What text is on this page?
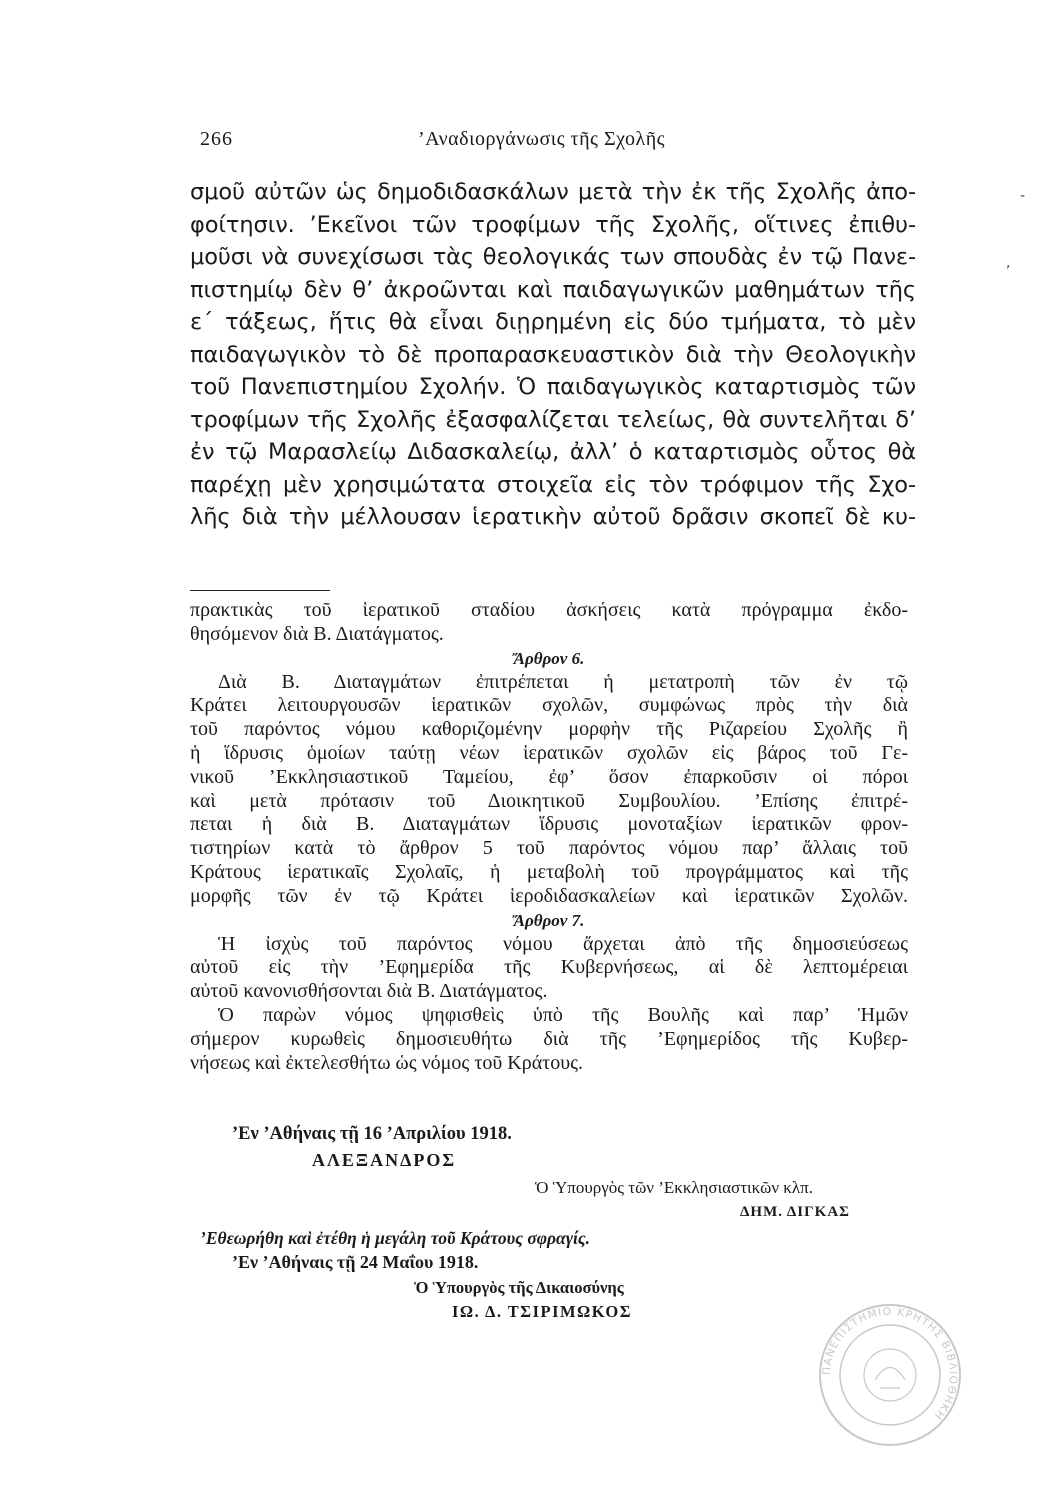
266	’Αναδιοργάνωσις τῆς Σχολῆς
σμοῦ αὐτῶν ὡς δημοδιδασκάλων μετὰ τὴν ἐκ τῆς Σχολῆς ἀπο-
φοίτησιν. ’Εκεῖνοι τῶν τροφίμων τῆς Σχολῆς, οἵτινες ἐπιθυ-
μοῦσι νὰ συνεχίσωσι τὰς θεολογικάς των σπουδὰς ἐν τῷ Πανε-
πιστημίῳ δὲν θ’ ἀκροῶνται καὶ παιδαγωγικῶν μαθημάτων τῆς
ε΄ τάξεως, ἥτις θὰ εἶναι διῃρημένη εἰς δύο τμήματα, τὸ μὲν
παιδαγωγικὸν τὸ δὲ προπαρασκευαστικὸν διὰ τὴν Θεολογικὴν
τοῦ Πανεπιστημίου Σχολήν. Ὁ παιδαγωγικὸς καταρτισμὸς τῶν
τροφίμων τῆς Σχολῆς ἐξασφαλίζεται τελείως, θὰ συντελῆται δ’
ἐν τῷ Μαρασλείῳ Διδασκαλείῳ, ἀλλ’ ὁ καταρτισμὸς οὗτος θὰ
παρέχῃ μὲν χρησιμώτατα στοιχεῖα εἰς τὸν τρόφιμον τῆς Σχο-
λῆς διὰ τὴν μέλλουσαν ἱερατικὴν αὐτοῦ δρᾶσιν σκοπεῖ δὲ κυ-
πρακτικὰς τοῦ ἱερατικοῦ σταδίου ἀσκήσεις κατὰ πρόγραμμα ἐκδο-
θησόμενον διὰ Β. Διατάγματος.
Ἄρθρον 6.
Διὰ Β. Διαταγμάτων ἐπιτρέπεται ἡ μετατροπὴ τῶν ἐν τῷ
Κράτει λειτουργουσῶν ἱερατικῶν σχολῶν, συμφώνως πρὸς τὴν διὰ
τοῦ παρόντος νόμου καθοριζομένην μορφὴν τῆς Ριζαρείου Σχολῆς ἢ
ἡ ἵδρυσις ὁμοίων ταύτῃ νέων ἱερατικῶν σχολῶν εἰς βάρος τοῦ Γε-
νικοῦ ’Εκκλησιαστικοῦ Ταμείου, ἐφ’ ὅσον ἐπαρκοῦσιν οἱ πόροι
καὶ μετὰ πρότασιν τοῦ Διοικητικοῦ Συμβουλίου. ’Επίσης ἐπιτρέ-
πεται ἡ διὰ Β. Διαταγμάτων ἵδρυσις μονοταξίων ἱερατικῶν φρον-
τιστηρίων κατὰ τὸ ἄρθρον 5 τοῦ παρόντος νόμου παρ’ ἄλλαις τοῦ
Κράτους ἱερατικαῖς Σχολαῖς, ἡ μεταβολὴ τοῦ προγράμματος καὶ τῆς
μορφῆς τῶν ἐν τῷ Κράτει ἱεροδιδασκαλείων καὶ ἱερατικῶν Σχολῶν.
Ἄρθρον 7.
Ἡ ἰσχὺς τοῦ παρόντος νόμου ἄρχεται ἀπὸ τῆς δημοσιεύσεως
αὐτοῦ εἰς τὴν ’Εφημερίδα τῆς Κυβερνήσεως, αἱ δὲ λεπτομέρειαι
αὐτοῦ κανονισθήσονται διὰ Β. Διατάγματος.
Ὁ παρὼν νόμος ψηφισθεὶς ὑπὸ τῆς Βουλῆς καὶ παρ’ Ἡμῶν
σήμερον κυρωθεὶς δημοσιευθήτω διὰ τῆς ’Εφημερίδος τῆς Κυβερ-
νήσεως καὶ ἐκτελεσθήτω ὡς νόμος τοῦ Κράτους.
’Εν ’Αθήναις τῇ 16 ’Απριλίου 1918.
ΑΛΕΞΑΝΔΡΟΣ
Ὁ Ὑπουργὸς τῶν ’Εκκλησιαστικῶν κλπ.
ΔΗΜ. ΔΙΓΚΑΣ
’Εθεωρήθη καὶ ἐτέθη ἡ μεγάλη τοῦ Κράτους σφραγίς.
’Εν ’Αθήναις τῇ 24 Μαΐου 1918.
Ὁ Ὑπουργὸς τῆς Δικαιοσύνης
ΙΩ. Δ. ΤΣΙΡΙΜΩΚΟΣ
ΠΑΝΕΠΙΣΤΗΜΙΟ ΚΡΗΤΗΣ ΒΙΒΛΙΟΘΗΚΗ
-
,
